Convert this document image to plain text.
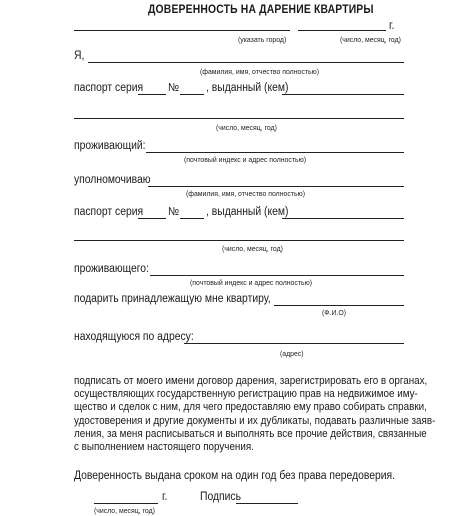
ДОВЕРЕННОСТЬ НА ДАРЕНИЕ КВАРТИРЫ
г.
(указать город)	(число, месяц, год)
Я,
(фамилия, имя, отчество полностью)
паспорт серия № , выданный (кем)
(число, месяц, год)
проживающий:
(почтовый индекс и адрес полностью)
уполномочиваю
(фамилия, имя, отчество полностью)
паспорт серия № , выданный (кем)
(число, месяц, год)
проживающего:
(почтовый индекс и адрес полностью)
подарить принадлежащую мне квартиру,
(Ф.И.О)
находящуюся по адресу:
(адрес)
подписать от моего имени договор дарения, зарегистрировать его в органах,
осуществляющих государственную регистрацию прав на недвижимое иму-
щество и сделок с ним, для чего предоставляю ему право собирать справки,
удостоверения и другие документы и их дубликаты, подавать различные заяв-
ления, за меня расписываться и выполнять все прочие действия, связанные
с выполнением настоящего поручения.
Доверенность выдана сроком на один год без права передоверия.
г.	Подпись
(число, месяц, год)
